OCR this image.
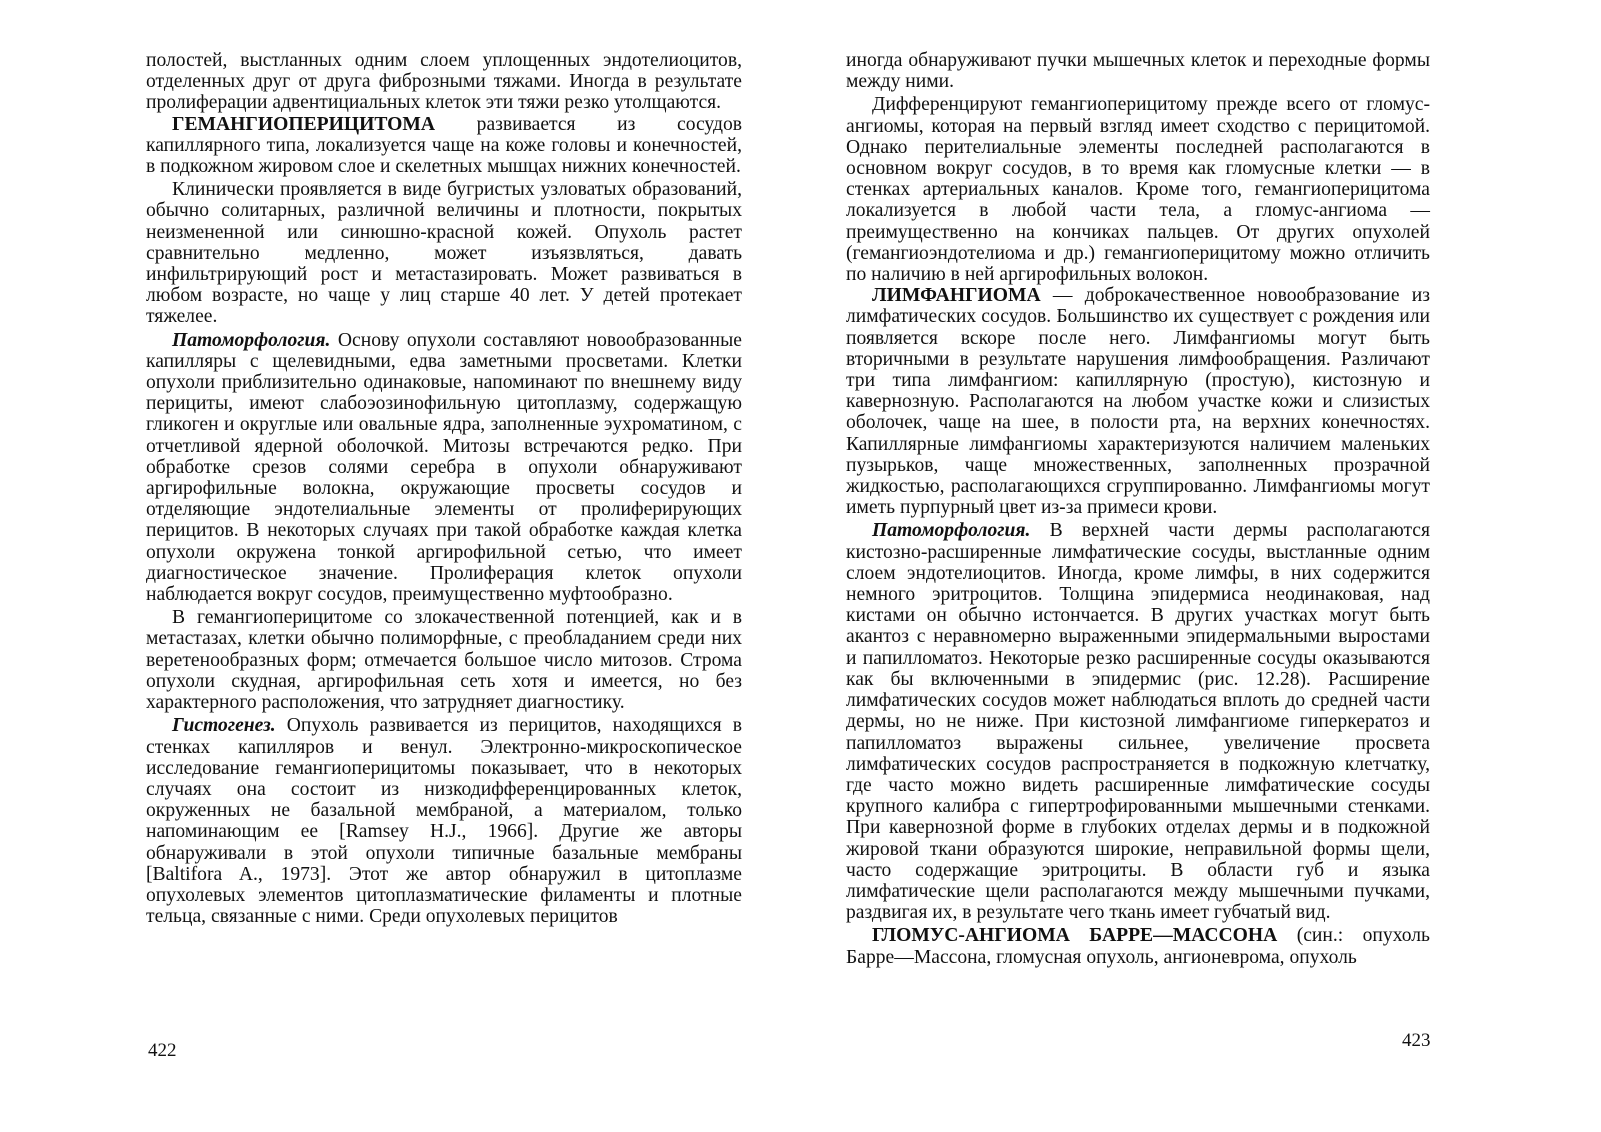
полостей, выстланных одним слоем уплощенных эндотелиоцитов, отделенных друг от друга фиброзными тяжами. Иногда в результате пролиферации адвентициальных клеток эти тяжи резко утолщаются.

ГЕМАНГИОПЕРИЦИТОМА развивается из сосудов капиллярного типа, локализуется чаще на коже головы и конечностей, в подкожном жировом слое и скелетных мышцах нижних конечностей.

Клинически проявляется в виде бугристых узловатых образований, обычно солитарных, различной величины и плотности, покрытых неизмененной или синюшно-красной кожей. Опухоль растет сравнительно медленно, может изъязвляться, давать инфильтрирующий рост и метастазировать. Может развиваться в любом возрасте, но чаще у лиц старше 40 лет. У детей протекает тяжелее.

Патоморфология. Основу опухоли составляют новообразованные капилляры с щелевидными, едва заметными просветами. Клетки опухоли приблизительно одинаковые, напоминают по внешнему виду перициты, имеют слабоэозинофильную цитоплазму, содержащую гликоген и округлые или овальные ядра, заполненные эухроматином, с отчетливой ядерной оболочкой. Митозы встречаются редко. При обработке срезов солями серебра в опухоли обнаруживают аргирофильные волокна, окружающие просветы сосудов и отделяющие эндотелиальные элементы от пролиферирующих перицитов. В некоторых случаях при такой обработке каждая клетка опухоли окружена тонкой аргирофильной сетью, что имеет диагностическое значение. Пролиферация клеток опухоли наблюдается вокруг сосудов, преимущественно муфтообразно.

В гемангиоперицитоме со злокачественной потенцией, как и в метастазах, клетки обычно полиморфные, с преобладанием среди них веретенообразных форм; отмечается большое число митозов. Строма опухоли скудная, аргирофильная сеть хотя и имеется, но без характерного расположения, что затрудняет диагностику.

Гистогенез. Опухоль развивается из перицитов, находящихся в стенках капилляров и венул. Электронно-микроскопическое исследование гемангиоперицитомы показывает, что в некоторых случаях она состоит из низкодифференцированных клеток, окруженных не базальной мембраной, а материалом, только напоминающим ее [Ramsey H.J., 1966]. Другие же авторы обнаруживали в этой опухоли типичные базальные мембраны [Baltifora A., 1973]. Этот же автор обнаружил в цитоплазме опухолевых элементов цитоплазматические филаменты и плотные тельца, связанные с ними. Среди опухолевых перицитов

422

иногда обнаруживают пучки мышечных клеток и переходные формы между ними.

Дифференцируют гемангиоперицитому прежде всего от гломус-ангиомы, которая на первый взгляд имеет сходство с перицитомой. Однако перителиальные элементы последней располагаются в основном вокруг сосудов, в то время как гломусные клетки — в стенках артериальных каналов. Кроме того, гемангиоперицитома локализуется в любой части тела, а гломус-ангиома — преимущественно на кончиках пальцев. От других опухолей (гемангиоэндотелиома и др.) гемангиоперицитому можно отличить по наличию в ней аргирофильных волокон.

ЛИМФАНГИОМА — доброкачественное новообразование из лимфатических сосудов. Большинство их существует с рождения или появляется вскоре после него. Лимфангиомы могут быть вторичными в результате нарушения лимфообращения. Различают три типа лимфангиом: капиллярную (простую), кистозную и кавернозную. Располагаются на любом участке кожи и слизистых оболочек, чаще на шее, в полости рта, на верхних конечностях. Капиллярные лимфангиомы характеризуются наличием маленьких пузырьков, чаще множественных, заполненных прозрачной жидкостью, располагающихся сгруппированно. Лимфангиомы могут иметь пурпурный цвет из-за примеси крови.

Патоморфология. В верхней части дермы располагаются кистозно-расширенные лимфатические сосуды, выстланные одним слоем эндотелиоцитов. Иногда, кроме лимфы, в них содержится немного эритроцитов. Толщина эпидермиса неодинаковая, над кистами он обычно истончается. В других участках могут быть акантоз с неравномерно выраженными эпидермальными выростами и папилломатоз. Некоторые резко расширенные сосуды оказываются как бы включенными в эпидермис (рис. 12.28). Расширение лимфатических сосудов может наблюдаться вплоть до средней части дермы, но не ниже. При кистозной лимфангиоме гиперкератоз и папилломатоз выражены сильнее, увеличение просвета лимфатических сосудов распространяется в подкожную клетчатку, где часто можно видеть расширенные лимфатические сосуды крупного калибра с гипертрофированными мышечными стенками. При кавернозной форме в глубоких отделах дермы и в подкожной жировой ткани образуются широкие, неправильной формы щели, часто содержащие эритроциты. В области губ и языка лимфатические щели располагаются между мышечными пучками, раздвигая их, в результате чего ткань имеет губчатый вид.

ГЛОМУС-АНГИОМА БАРРЕ—МАССОНА (син.: опухоль Барре—Массона, гломусная опухоль, ангионеврома, опухоль

423
